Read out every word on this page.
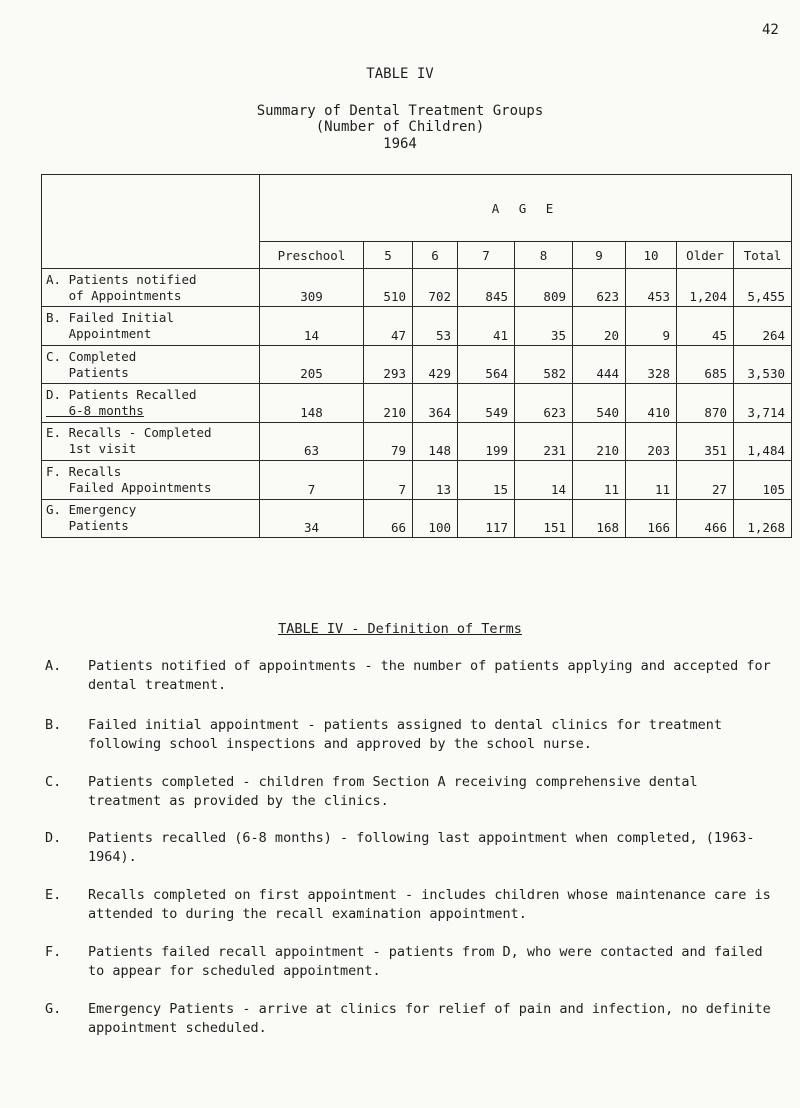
42
TABLE IV
Summary of Dental Treatment Groups
(Number of Children)
1964
	A G E								
	Preschool	5	6	7	8	9	10	Older	Total
A. Patients notified
of Appointments	309	510	702	845	809	623	453	1,204	5,455
B. Failed Initial
Appointment	14	47	53	41	35	20	9	45	264
C. Completed
Patients	205	293	429	564	582	444	328	685	3,530
D. Patients Recalled
6-8 months	148	210	364	549	623	540	410	870	3,714
E. Recalls - Completed
1st visit	63	79	148	199	231	210	203	351	1,484
F. Recalls
Failed Appointments	7	7	13	15	14	11	11	27	105
G. Emergency
Patients	34	66	100	117	151	168	166	466	1,268
TABLE IV - Definition of Terms
A. Patients notified of appointments - the number of patients applying and accepted for dental treatment.
B. Failed initial appointment - patients assigned to dental clinics for treatment following school inspections and approved by the school nurse.
C. Patients completed - children from Section A receiving comprehensive dental treatment as provided by the clinics.
D. Patients recalled (6-8 months) - following last appointment when completed, (1963-1964).
E. Recalls completed on first appointment - includes children whose maintenance care is attended to during the recall examination appointment.
F. Patients failed recall appointment - patients from D, who were contacted and failed to appear for scheduled appointment.
G. Emergency Patients - arrive at clinics for relief of pain and infection, no definite appointment scheduled.
